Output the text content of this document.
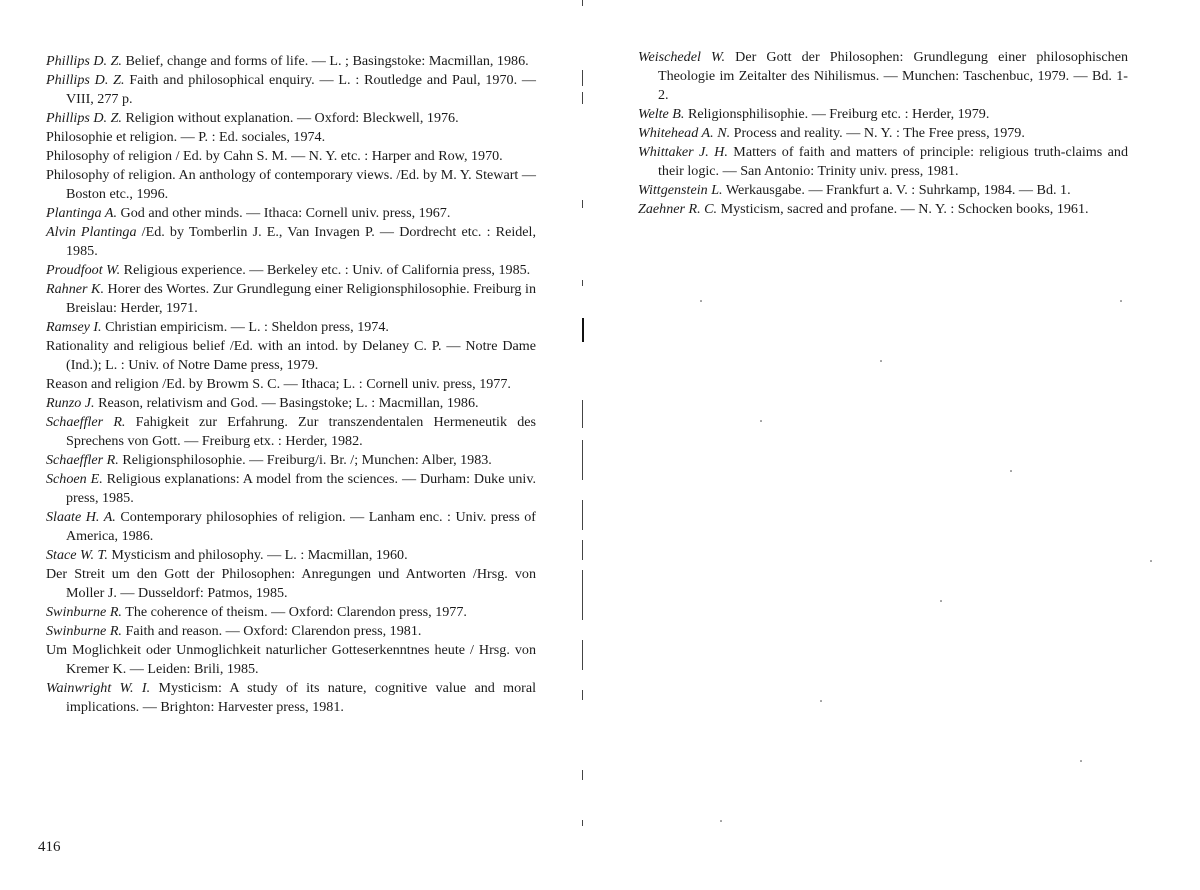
Phillips D. Z. Belief, change and forms of life. — L. ; Basingstoke: Macmillan, 1986.

Phillips D. Z. Faith and philosophical enquiry. — L. : Routledge and Paul, 1970. — VIII, 277 p.

Phillips D. Z. Religion without explanation. — Oxford: Bleckwell, 1976.

Philosophie et religion. — P. : Ed. sociales, 1974.

Philosophy of religion / Ed. by Cahn S. M. — N. Y. etc. : Harper and Row, 1970.

Philosophy of religion. An anthology of contemporary views. /Ed. by M. Y. Stewart — Boston etc., 1996.

Plantinga A. God and other minds. — Ithaca: Cornell univ. press, 1967.

Alvin Plantinga /Ed. by Tomberlin J. E., Van Invagen P. — Dordrecht etc. : Reidel, 1985.

Proudfoot W. Religious experience. — Berkeley etc. : Univ. of California press, 1985.

Rahner K. Horer des Wortes. Zur Grundlegung einer Religionsphilosophie. Freiburg in Breislau: Herder, 1971.

Ramsey I. Christian empiricism. — L. : Sheldon press, 1974.

Rationality and religious belief /Ed. with an intod. by Delaney C. P. — Notre Dame (Ind.); L. : Univ. of Notre Dame press, 1979.

Reason and religion /Ed. by Browm S. C. — Ithaca; L. : Cornell univ. press, 1977.

Runzo J. Reason, relativism and God. — Basingstoke; L. : Macmillan, 1986.

Schaeffler R. Fahigkeit zur Erfahrung. Zur transzendentalen Hermeneutik des Sprechens von Gott. — Freiburg etx. : Herder, 1982.

Schaeffler R. Religionsphilosophie. — Freiburg/i. Br. /; Munchen: Alber, 1983.

Schoen E. Religious explanations: A model from the sciences. — Durham: Duke univ. press, 1985.

Slaate H. A. Contemporary philosophies of religion. — Lanham enc. : Univ. press of America, 1986.

Stace W. T. Mysticism and philosophy. — L. : Macmillan, 1960.

Der Streit um den Gott der Philosophen: Anregungen und Antworten /Hrsg. von Moller J. — Dusseldorf: Patmos, 1985.

Swinburne R. The coherence of theism. — Oxford: Clarendon press, 1977.

Swinburne R. Faith and reason. — Oxford: Clarendon press, 1981.

Um Moglichkeit oder Unmoglichkeit naturlicher Gotteserkenntnes heute / Hrsg. von Kremer K. — Leiden: Brili, 1985.

Wainwright W. I. Mysticism: A study of its nature, cognitive value and moral implications. — Brighton: Harvester press, 1981.

416

Weischedel W. Der Gott der Philosophen: Grundlegung einer philosophischen Theologie im Zeitalter des Nihilismus. — Munchen: Taschenbuc, 1979. — Bd. 1-2.

Welte B. Religionsphilisophie. — Freiburg etc. : Herder, 1979.

Whitehead A. N. Process and reality. — N. Y. : The Free press, 1979.

Whittaker J. H. Matters of faith and matters of principle: religious truth-claims and their logic. — San Antonio: Trinity univ. press, 1981.

Wittgenstein L. Werkausgabe. — Frankfurt a. V. : Suhrkamp, 1984. — Bd. 1.

Zaehner R. C. Mysticism, sacred and profane. — N. Y. : Schocken books, 1961.
